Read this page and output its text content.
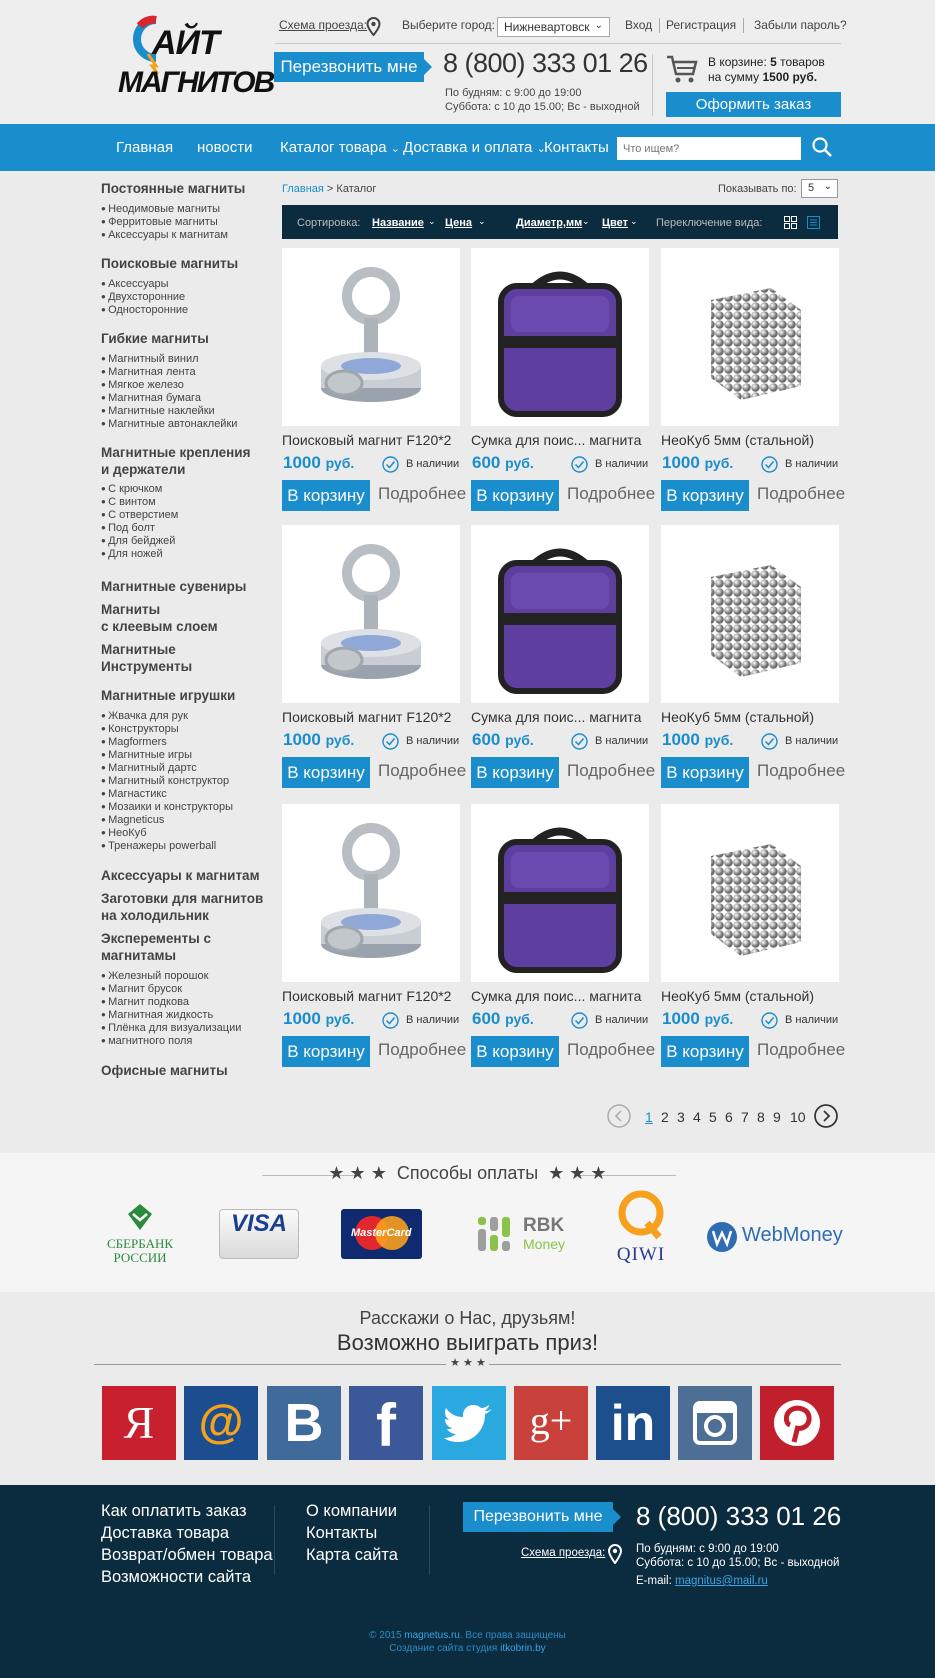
АЙТ
МАГНИТОВ
Схема проезда:	Выберите город: Нижневартовск ⌄ Вход Регистрация Забыли пароль?
Перезвонить мне 8 (800) 333 01 26
По будням: с 9:00 до 19:00
Суббота: с 10 до 15.00; Вс - выходной
В корзине: 5 товаров
на сумму 1500 руб.
Оформить заказ
Главная новости Каталог товара ⌄ Доставка и оплата ⌄
Контакты
Что ищем?
Постоянные магниты
● Неодимовые магниты
● Ферритовые магниты
● Аксессуары к магнитам
Поисковые магниты
● Аксессуары
● Двухсторонние
● Односторонние
Гибкие магниты
● Магнитный винил
● Магнитная лента
● Мягкое железо
● Магнитная бумага
● Магнитные наклейки
● Магнитные автонаклейки
Магнитные крепления
и держатели
● С крючком
● С винтом
● С отверстием
● Под болт
● Для бейджей
● Для ножей
Магнитные сувениры
Магниты
с клеевым слоем
Магнитные
Инструменты
Магнитные игрушки
● Жвачка для рук
● Конструкторы
● Magformers
● Магнитные игры
● Магнитный дартс
● Магнитный конструктор
● Магнастикс
● Мозаики и конструкторы
● Magneticus
● НеоКуб
● Тренажеры powerball
Аксессуары к магнитам
Заготовки для магнитов
на холодильник
Эксперементы с
магнитамы
● Железный порошок
● Магнит брусок
● Магнит подкова
● Магнитная жидкость
● Плёнка для визуализации
● магнитного поля
Офисные магниты
Главная > Каталог	Показывать по:	5 ⌄
Сортировка: Название ⌄ Цена ⌄	Диаметр,мм ⌄ Цвет ⌄ Переключение вида:
Поисковый магнит F120*2
1000 руб.	В наличии
В корзину Подробнее
Сумка для поис... магнита
600 руб.	В наличии
В корзину Подробнее
НеоКуб 5мм (стальной)
1000 руб.	В наличии
В корзину Подробнее
Поисковый магнит F120*2
1000 руб.	В наличии
В корзину Подробнее
Сумка для поис... магнита
600 руб.	В наличии
В корзину Подробнее
НеоКуб 5мм (стальной)
1000 руб.	В наличии
В корзину Подробнее
Поисковый магнит F120*2
1000 руб.	В наличии
В корзину Подробнее
Сумка для поис... магнита
600 руб.	В наличии
В корзину Подробнее
НеоКуб 5мм (стальной)
1000 руб.	В наличии
В корзину Подробнее
1 2 3 4 5 6 7 8 9 10
★ ★ ★ Способы оплаты ★ ★ ★
СБЕРБАНК
РОССИИ
VISA	MasterCard	RBK
Money	QIWI
WebMoney
Расскажи о Нас, друзьям!
Возможно выиграть приз!
★ ★ ★
Я @ В f	g+ in
Как оплатить заказ
Доставка товара
Возврат/обмен товара
Возможности сайта
О компании
Контакты
Карта сайта
Перезвонить мне	8 (800) 333 01 26
Схема проезда:	По будням: с 9:00 до 19:00
Суббота: с 10 до 15.00; Вс - выходной
E-mail: magnitus@mail.ru
© 2015 magnetus.ru. Все права защищены
Создание сайта студия itkobrin.by
